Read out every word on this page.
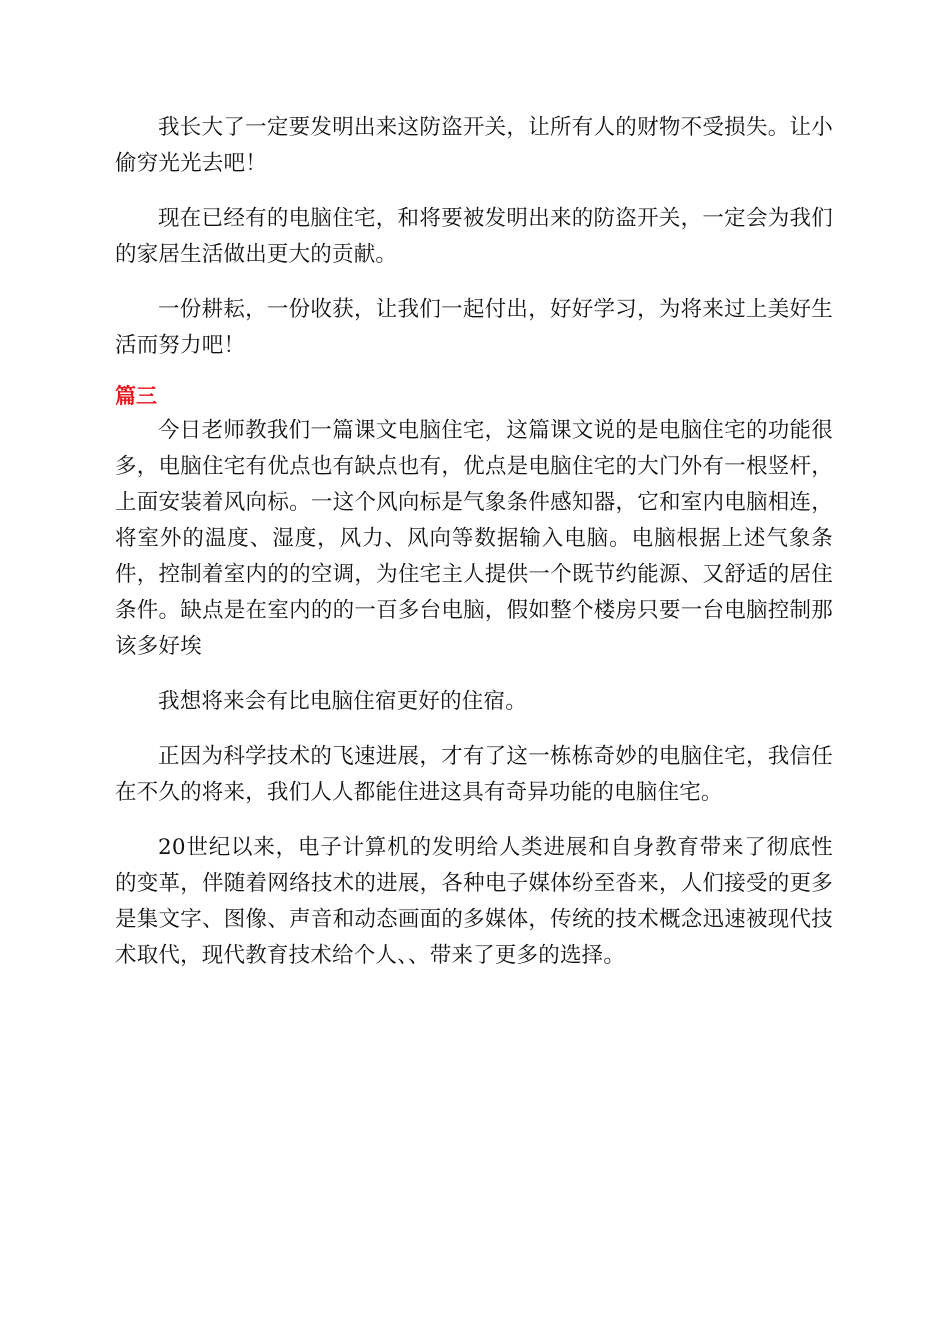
我长大了一定要发明出来这防盗开关，让所有人的财物不受损失。让小偷穷光光去吧！

现在已经有的电脑住宅，和将要被发明出来的防盗开关，一定会为我们的家居生活做出更大的贡献。

一份耕耘，一份收获，让我们一起付出，好好学习，为将来过上美好生活而努力吧！

篇三

今日老师教我们一篇课文电脑住宅，这篇课文说的是电脑住宅的功能很多，电脑住宅有优点也有缺点也有，优点是电脑住宅的大门外有一根竖杆，上面安装着风向标。一这个风向标是气象条件感知器，它和室内电脑相连，将室外的温度、湿度，风力、风向等数据输入电脑。电脑根据上述气象条件，控制着室内的的空调，为住宅主人提供一个既节约能源、又舒适的居住条件。缺点是在室内的的一百多台电脑，假如整个楼房只要一台电脑控制那该多好埃

我想将来会有比电脑住宿更好的住宿。

正因为科学技术的飞速进展，才有了这一栋栋奇妙的电脑住宅，我信任在不久的将来，我们人人都能住进这具有奇异功能的电脑住宅。

20世纪以来，电子计算机的发明给人类进展和自身教育带来了彻底性的变革，伴随着网络技术的进展，各种电子媒体纷至沓来，人们接受的更多是集文字、图像、声音和动态画面的多媒体，传统的技术概念迅速被现代技术取代，现代教育技术给个人、、带来了更多的选择。
